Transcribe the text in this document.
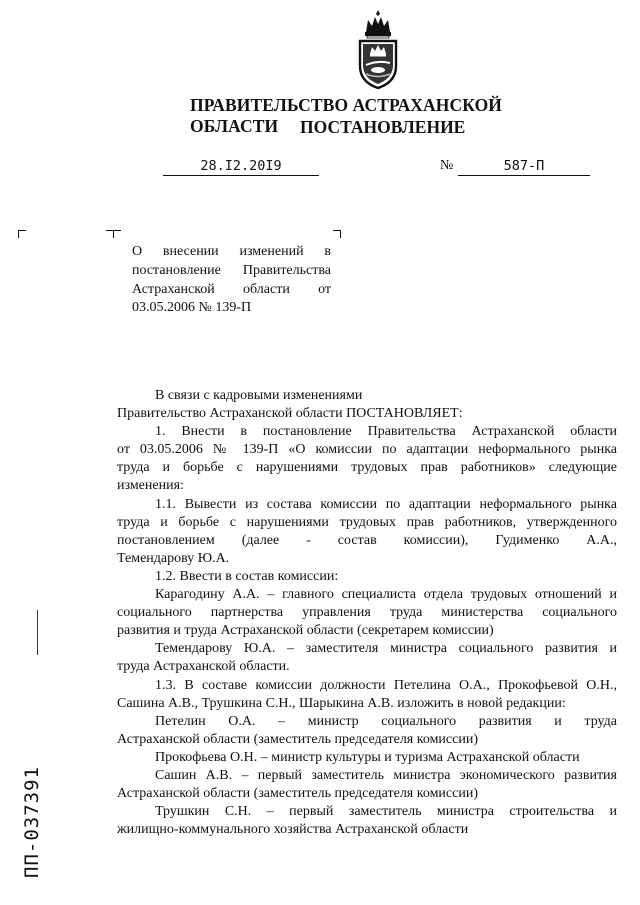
ПРАВИТЕЛЬСТВО АСТРАХАНСКОЙ ОБЛАСТИ	ПОСТАНОВЛЕНИЕ
28.I2.20I9	№	587-П
О внесении изменений в
постановление Правительства
Астраханской области от
03.05.2006 № 139-П
В связи с кадровыми изменениями
Правительство Астраханской области ПОСТАНОВЛЯЕТ:
1. Внести в постановление Правительства Астраханской области
от 03.05.2006 № 139-П «О комиссии по адаптации неформального рынка
труда и борьбе с нарушениями трудовых прав работников» следующие
изменения:
1.1. Вывести из состава комиссии по адаптации неформального рынка
труда и борьбе с нарушениями трудовых прав работников, утвержденного
постановлением (далее - состав комиссии), Гудименко А.А.,
Темендарову Ю.А.
1.2. Ввести в состав комиссии:
Карагодину А.А. – главного специалиста отдела трудовых отношений и
социального партнерства управления труда министерства социального
развития и труда Астраханской области (секретарем комиссии)
Темендарову Ю.А. – заместителя министра социального развития и
труда Астраханской области.
1.3. В составе комиссии должности Петелина О.А., Прокофьевой О.Н.,
Сашина А.В., Трушкина С.Н., Шарыкина А.В. изложить в новой редакции:
Петелин О.А. – министр социального развития и труда
Астраханской области (заместитель председателя комиссии)
Прокофьева О.Н. – министр культуры и туризма Астраханской области
Сашин А.В. – первый заместитель министра экономического развития
Астраханской области (заместитель председателя комиссии)
Трушкин С.Н. – первый заместитель министра строительства и
жилищно-коммунального хозяйства Астраханской области
ПП-037391
